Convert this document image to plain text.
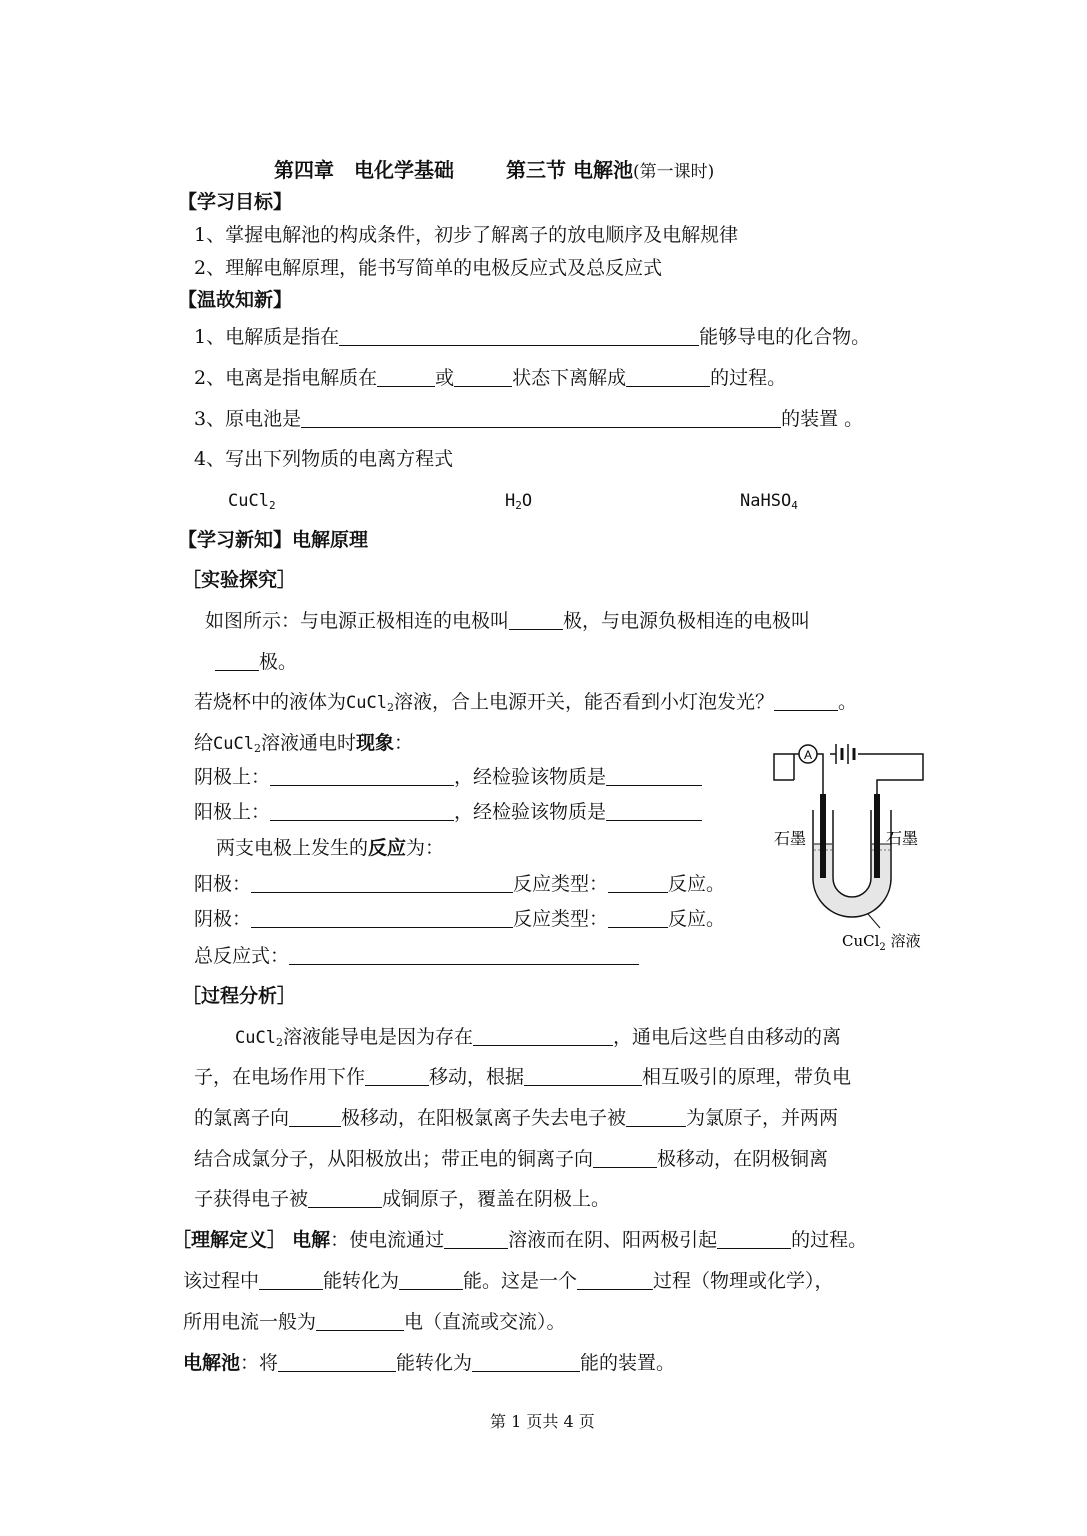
第四章　电化学基础	第三节 电解池(第一课时)
【学习目标】
1、掌握电解池的构成条件，初步了解离子的放电顺序及电解规律
2、理解电解原理，能书写简单的电极反应式及总反应式
【温故知新】
1、电解质是指在	能够导电的化合物。
2、电离是指电解质在	或	状态下离解成	的过程。
3、原电池是	的装置 。
4、写出下列物质的电离方程式
CuCl$_2$	$H_2O$	NaHSO$_4$
【学习新知】电解原理
［实验探究］
如图所示：与电源正极相连的电极叫	极，与电源负极相连的电极叫
极。
若烧杯中的液体为CuCl$_2$溶液，合上电源开关，能否看到小灯泡发光？	。
给CuCl$_2$溶液通电时现象：
阴极上：	，经检验该物质是
阳极上：	，经检验该物质是
两支电极上发生的反应为：
阳极：	反应类型：	反应。
阴极：	反应类型：	反应。
总反应式：
A
石墨	石墨
CuCl$_2$ 溶液
［过程分析］
CuCl$_2$溶液能导电是因为存在	，通电后这些自由移动的离
子，在电场作用下作	移动，根据	相互吸引的原理，带负电
的氯离子向	极移动，在阳极氯离子失去电子被	为氯原子，并两两
结合成氯分子，从阳极放出；带正电的铜离子向	极移动，在阴极铜离
子获得电子被	成铜原子，覆盖在阴极上。
［理解定义］ 电解：使电流通过	溶液而在阴、阳两极引起	的过程。
该过程中	能转化为	能。这是一个	过程（物理或化学），
所用电流一般为	电（直流或交流）。
电解池：将	能转化为	能的装置。
第 1 页共 4 页
